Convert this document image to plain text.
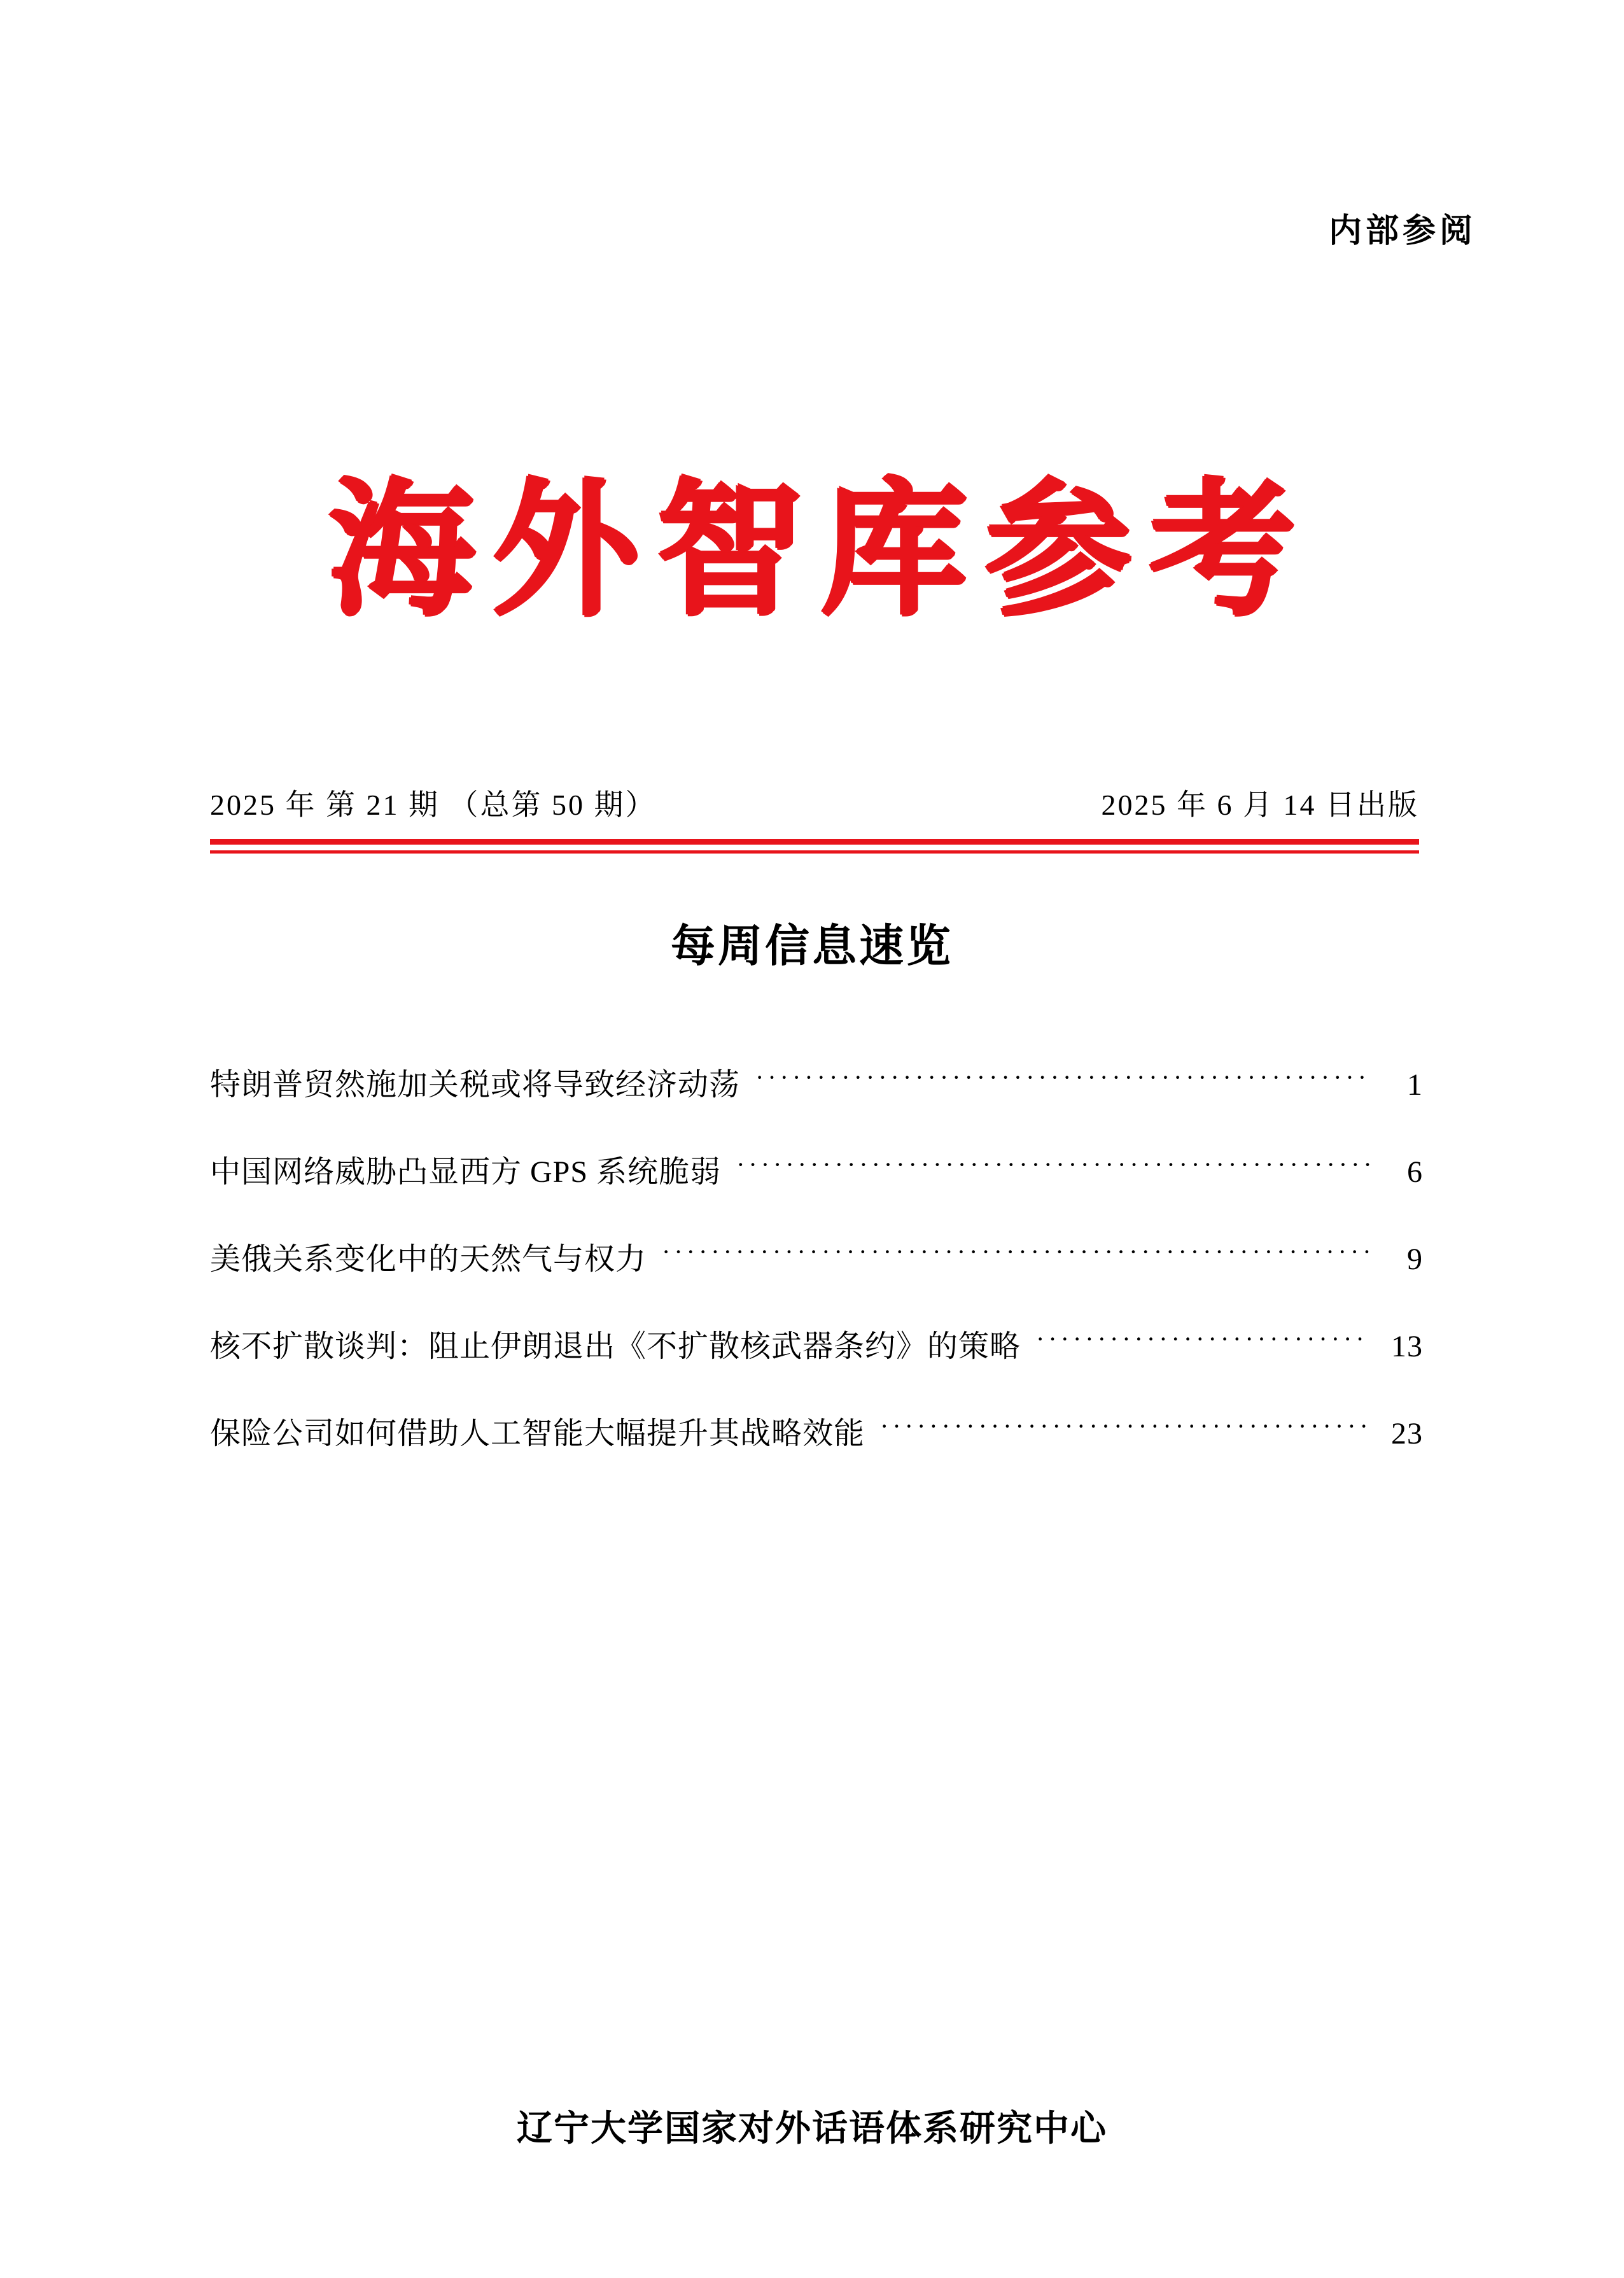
内部参阅
海外智库参考
2025 年 第 21 期 （总第 50 期）	2025 年 6 月 14 日出版
每周信息速览
特朗普贸然施加关税或将导致经济动荡 ·····	1
中国网络威胁凸显西方 GPS 系统脆弱 ·····	6
美俄关系变化中的天然气与权力 ·····	9
核不扩散谈判：阻止伊朗退出《不扩散核武器条约》的策略 ·····	13
保险公司如何借助人工智能大幅提升其战略效能 ·····	23
辽宁大学国家对外话语体系研究中心
